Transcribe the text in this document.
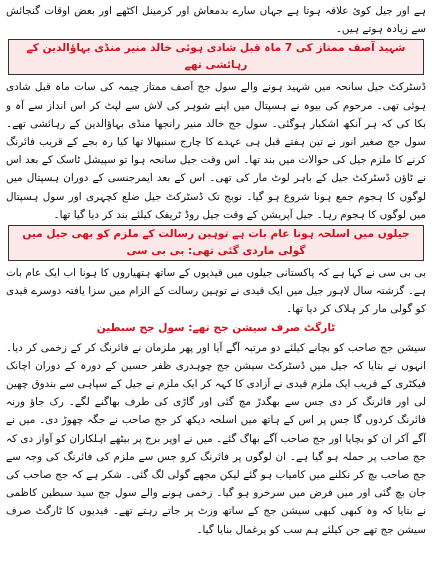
ہے اور جیل کوئ علاقہ ہوتا ہے جہاں سارے بدمعاش اور کرمینل اکٹھے اور بعض اوقات گنجائش سے زیادہ ہوتے ہیں۔

شہید آصف ممتاز کی 7 ماہ قبل شادی ہوئی خالد منیر منڈی بہاؤالدین کے رہائشی تھے

ڈسٹرکٹ جیل سانحہ میں شہید ہونے والے سول جج آصف ممتاز چیمہ کی سات ماہ قبل شادی ہوئی تھی۔ مرحوم کی بیوہ نے ہسپتال میں اپنے شوہر کی لاش سے لپٹ کر اس انداز سے آہ و بکا کی کہ ہر آنکھ اشکبار ہوگئی۔ سول جج خالد منیر رانجھا منڈی بہاؤالدین کے رہائشی تھے۔ سول جج صغیر انور نے تین ہفتے قبل ہی عہدے کا چارج سنبھالا تھا کیا رہ بجے کے قریب فائرنگ کرنے کا ملزم جیل کی حوالات میں بند تھا۔ اس وقت جیل سانحہ ہوا تو سپیشل ٹاسک کے بعد اس نے ٹاؤن ڈسٹرکٹ جیل کے باہر لوٹ مار کی تھی۔ اس کے بعد ایمرجنسی کے دوران ہسپتال میں لوگوں کا ہجوم جمع ہونا شروع ہو گیا۔ نوبج تک ڈسٹرکٹ جیل ضلع کچہری اور سول ہسپتال میں لوگوں کا ہجوم رہا۔ جیل آپریشن کے وقت جیل روڈ ٹریفک کیلئے بند کر دیا گیا تھا۔

جیلوں میں اسلحہ ہونا عام بات ہے توہین رسالت کے ملزم کو بھی جیل میں گولی ماردی گئی تھی: بی بی سی

بی بی سی نے کہا ہے کہ پاکستانی جیلوں میں قیدیوں کے ساتھ ہتھیاروں کا ہونا اب ایک عام بات ہے۔ گزشتہ سال لاہور جیل میں ایک قیدی نے توہین رسالت کے الزام میں سزا یافتہ دوسرے قیدی کو گولی مار کر ہلاک کر دیا تھا۔

ٹارگٹ صرف سیشن جج تھے: سول جج سبطین

سیشن جج صاحب کو بچانے کیلئے دو مرتبہ آگے آیا اور پھر ملزمان نے فائرنگ کر کے زخمی کر دیا۔ انہوں نے بتایا کہ جیل میں ڈسٹرکٹ سیشن جج چوہدری ظفر حسین کے دورہ کے دوران اچانک فیکٹری کے قریب ایک ملزم قیدی نے آزادی کا کہہ کر ایک ملزم نے جیل کے سپاہی سے بندوق چھین لی اور فائرنگ کر دی جس سے بھگدڑ مچ گئی اور گاڑی کی طرف بھاگنے لگے۔ رک جاؤ ورنہ فائرنگ کردوں گا جس پر اس کے ہاتھ میں اسلحہ دیکھ کر جج صاحب نے جگہ چھوڑ دی۔ میں نے آگے آکر ان کو بچایا اور جج صاحب آگے بھاگ گئے۔ میں نے اوپر برج پر بیٹھے اہلکاران کو آواز دی کہ جج صاحب پر حملہ ہو گیا ہے۔ ان لوگوں پر فائرنگ کرو جس سے ملزم کی فائرنگ کی وجہ سے جج صاحب بچ کر نکلنے میں کامیاب ہو گئے لیکن مجھے گولی لگ گئی۔ شکر ہے کہ جج صاحب کی جان بچ گئی اور میں فرض میں سرخرو ہو گیا۔ زخمی ہونے والے سول جج سید سبطین کاظمی نے بتایا کہ وہ کبھی کبھی سیشن جج کے ساتھ وزٹ پر جاتے رہتے تھے۔ قیدیوں کا ٹارگٹ صرف سیشن جج تھے جن کیلئے ہم سب کو یرغمال بنایا گیا۔
